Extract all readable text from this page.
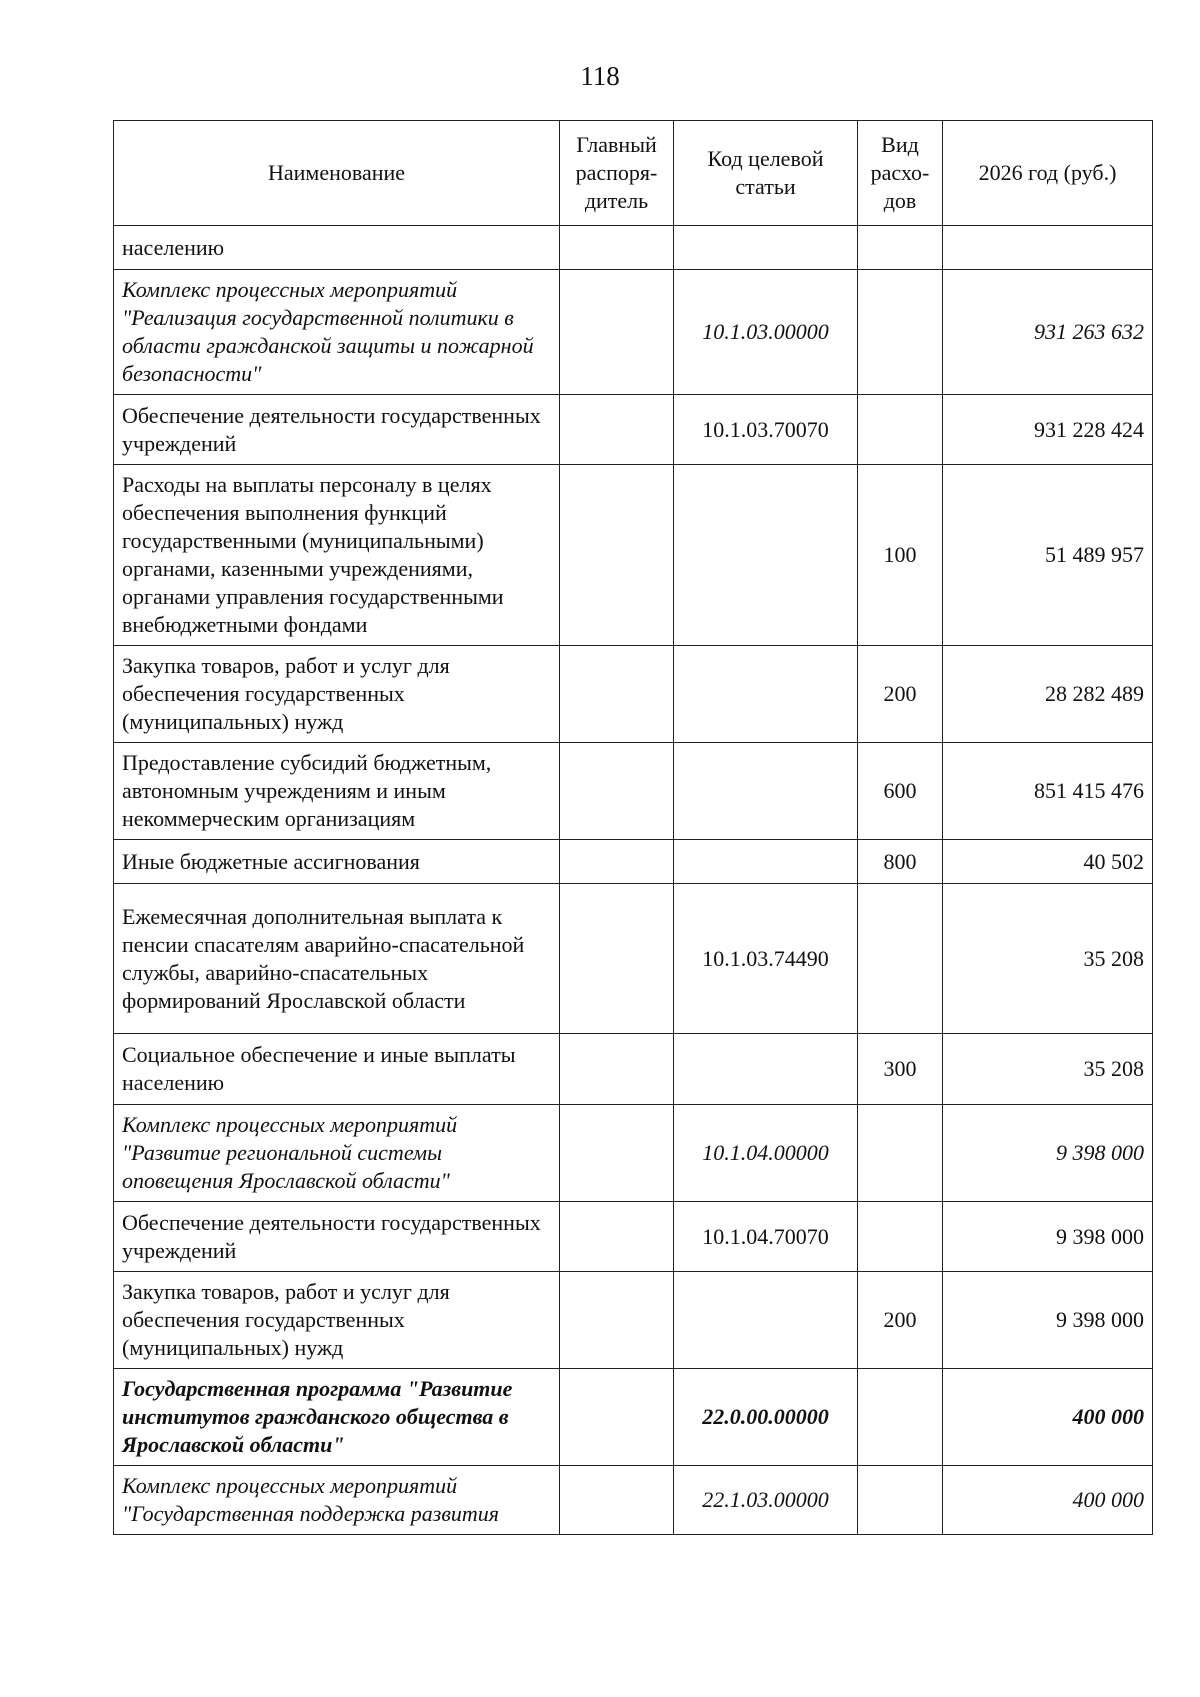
118
Наименование	Главный распоря-дитель	Код целевой статьи	Вид расхо-дов	2026 год (руб.)
населению				
Комплекс процессных мероприятий "Реализация государственной политики в области гражданской защиты и пожарной безопасности"		10.1.03.00000		931 263 632
Обеспечение деятельности государственных учреждений		10.1.03.70070		931 228 424
Расходы на выплаты персоналу в целях обеспечения выполнения функций государственными (муниципальными) органами, казенными учреждениями, органами управления государственными внебюджетными фондами			100	51 489 957
Закупка товаров, работ и услуг для обеспечения государственных (муниципальных) нужд			200	28 282 489
Предоставление субсидий бюджетным, автономным учреждениям и иным некоммерческим организациям			600	851 415 476
Иные бюджетные ассигнования			800	40 502
Ежемесячная дополнительная выплата к пенсии спасателям аварийно-спасательной службы, аварийно-спасательных формирований Ярославской области		10.1.03.74490		35 208
Социальное обеспечение и иные выплаты населению			300	35 208
Комплекс процессных мероприятий "Развитие региональной системы оповещения Ярославской области"		10.1.04.00000		9 398 000
Обеспечение деятельности государственных учреждений		10.1.04.70070		9 398 000
Закупка товаров, работ и услуг для обеспечения государственных (муниципальных) нужд			200	9 398 000
Государственная программа "Развитие институтов гражданского общества в Ярославской области"		22.0.00.00000		400 000
Комплекс процессных мероприятий "Государственная поддержка развития		22.1.03.00000		400 000
